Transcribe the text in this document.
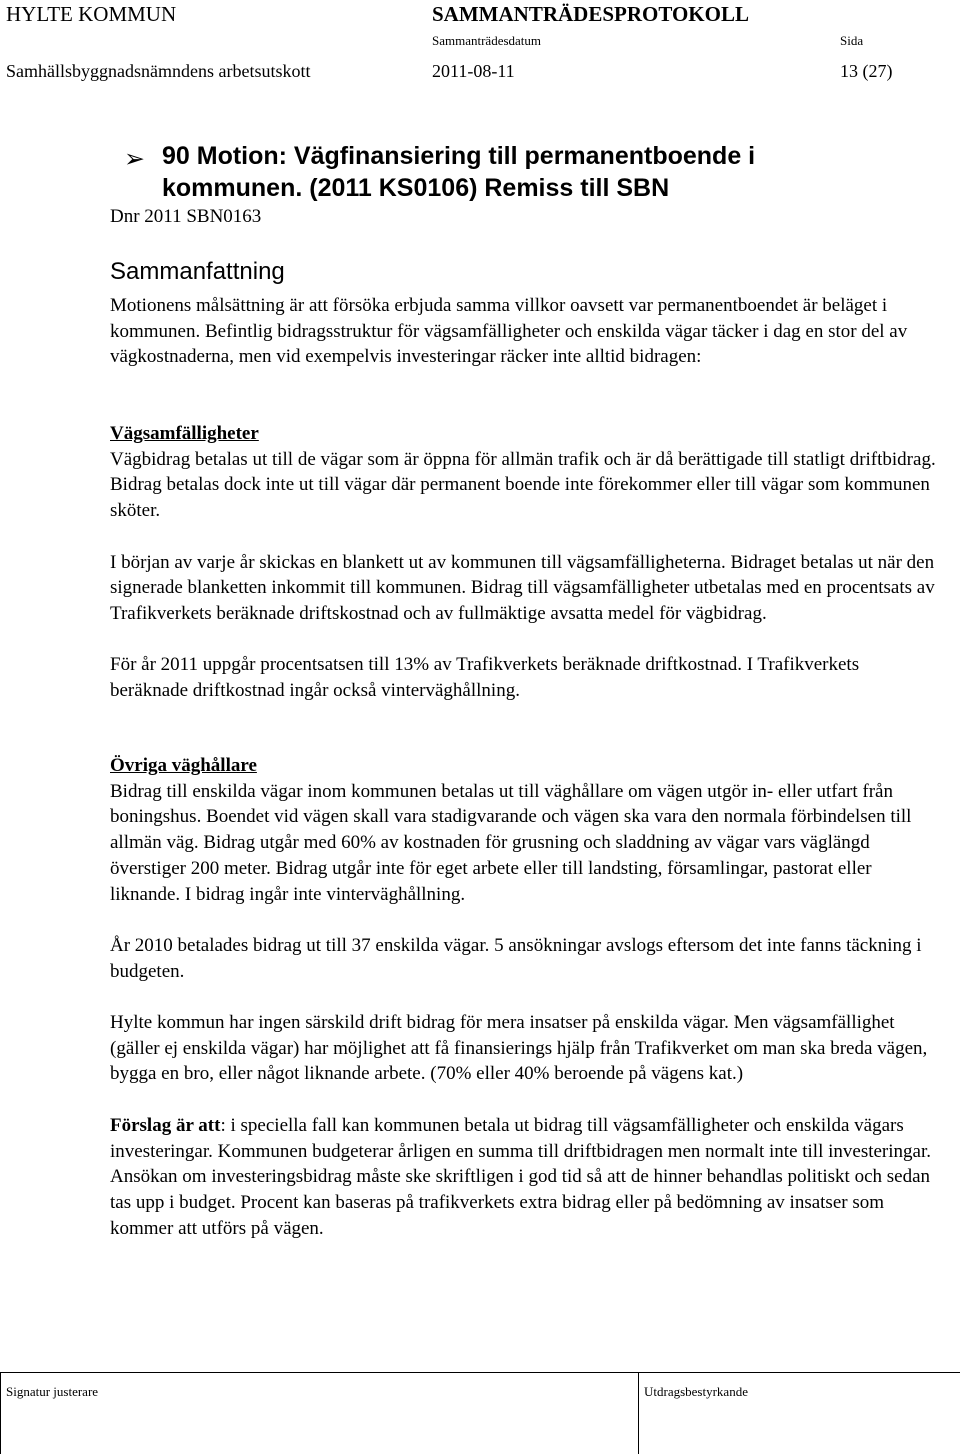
HYLTE KOMMUN	SAMMANTRÄDESPROTOKOLL
Sammanträdesdatum	Sida
Samhällsbyggnadsnämndens arbetsutskott	2011-08-11	13 (27)
➢ 90 Motion: Vägfinansiering till permanentboende i
kommunen. (2011 KS0106) Remiss till SBN
Dnr 2011 SBN0163
Sammanfattning

Motionens målsättning är att försöka erbjuda samma villkor oavsett var permanentboendet är beläget i kommunen. Befintlig bidragsstruktur för vägsamfälligheter och enskilda vägar täcker i dag en stor del av vägkostnaderna, men vid exempelvis investeringar räcker inte alltid bidragen:

Vägsamfälligheter

Vägbidrag betalas ut till de vägar som är öppna för allmän trafik och är då berättigade till statligt driftbidrag. Bidrag betalas dock inte ut till vägar där permanent boende inte förekommer eller till vägar som kommunen sköter.

I början av varje år skickas en blankett ut av kommunen till vägsamfälligheterna. Bidraget betalas ut när den signerade blanketten inkommit till kommunen. Bidrag till vägsamfälligheter utbetalas med en procentsats av Trafikverkets beräknade driftskostnad och av fullmäktige avsatta medel för vägbidrag.

För år 2011 uppgår procentsatsen till 13% av Trafikverkets beräknade driftkostnad. I Trafikverkets beräknade driftkostnad ingår också vinterväghållning.

Övriga väghållare

Bidrag till enskilda vägar inom kommunen betalas ut till väghållare om vägen utgör in- eller utfart från boningshus. Boendet vid vägen skall vara stadigvarande och vägen ska vara den normala förbindelsen till allmän väg. Bidrag utgår med 60% av kostnaden för grusning och sladdning av vägar vars väglängd överstiger 200 meter. Bidrag utgår inte för eget arbete eller till landsting, församlingar, pastorat eller liknande. I bidrag ingår inte vinterväghållning.

År 2010 betalades bidrag ut till 37 enskilda vägar. 5 ansökningar avslogs eftersom det inte fanns täckning i budgeten.

Hylte kommun har ingen särskild drift bidrag för mera insatser på enskilda vägar. Men vägsamfällighet (gäller ej enskilda vägar) har möjlighet att få finansierings hjälp från Trafikverket om man ska breda vägen, bygga en bro, eller något liknande arbete. (70% eller 40% beroende på vägens kat.)

Förslag är att: i speciella fall kan kommunen betala ut bidrag till vägsamfälligheter och enskilda vägars investeringar. Kommunen budgeterar årligen en summa till driftbidragen men normalt inte till investeringar. Ansökan om investeringsbidrag måste ske skriftligen i god tid så att de hinner behandlas politiskt och sedan tas upp i budget. Procent kan baseras på trafikverkets extra bidrag eller på bedömning av insatser som kommer att utförs på vägen.

Signatur justerare	Utdragsbestyrkande
